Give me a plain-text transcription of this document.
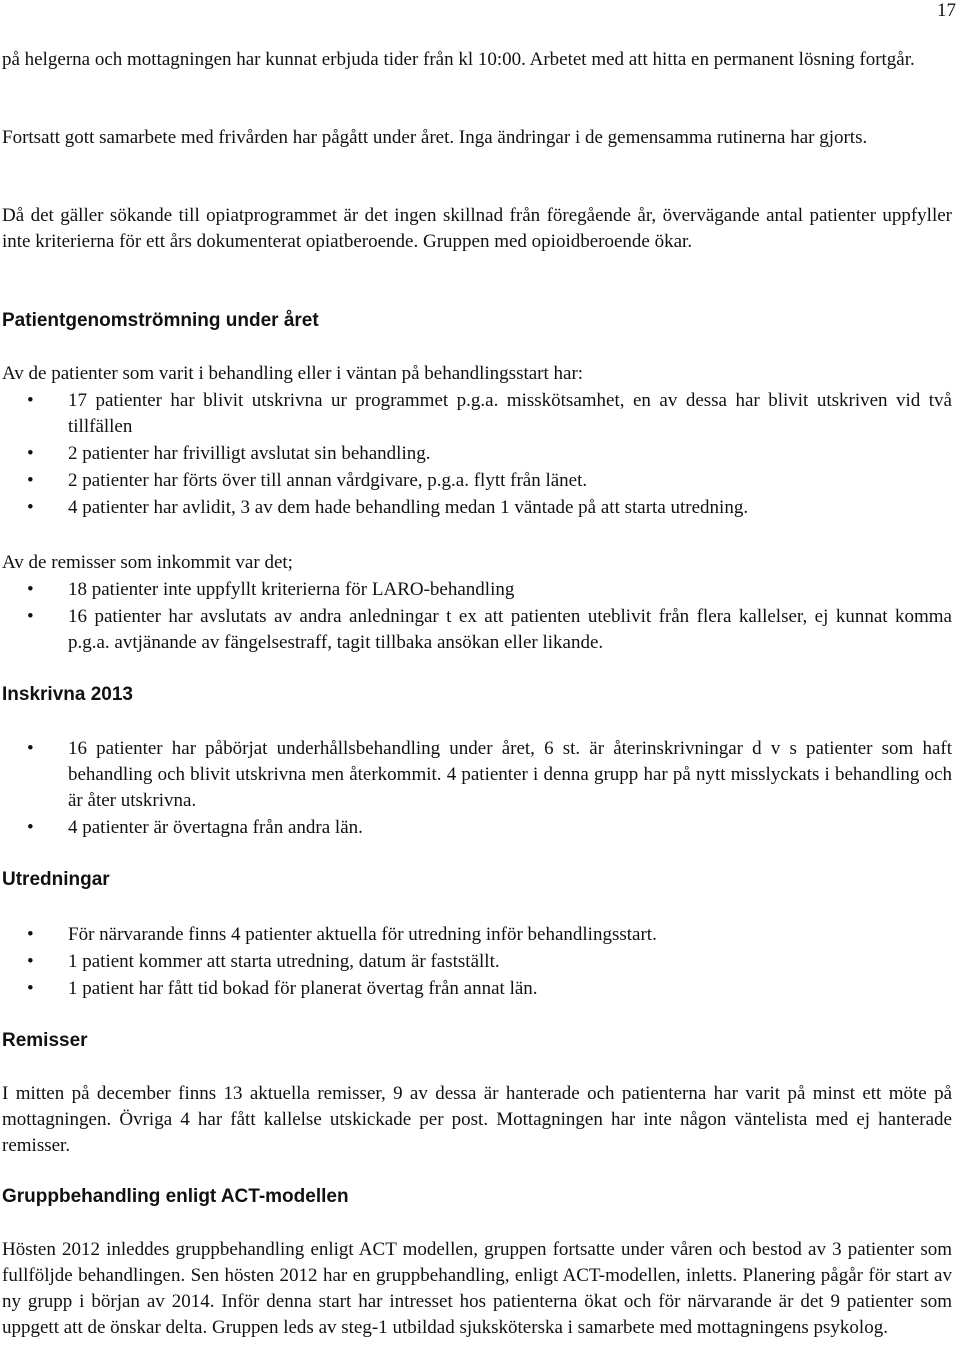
17

på helgerna och mottagningen har kunnat erbjuda tider från kl 10:00. Arbetet med att hitta en permanent lösning fortgår.

Fortsatt gott samarbete med frivården har pågått under året. Inga ändringar i de gemensamma rutinerna har gjorts.

Då det gäller sökande till opiatprogrammet är det ingen skillnad från föregående år, övervägande antal patienter uppfyller inte kriterierna för ett års dokumenterat opiatberoende. Gruppen med opioidberoende ökar.

Patientgenomströmning under året

Av de patienter som varit i behandling eller i väntan på behandlingsstart har:

• 17 patienter har blivit utskrivna ur programmet p.g.a. misskötsamhet, en av dessa har blivit utskriven vid två tillfällen
• 2 patienter har frivilligt avslutat sin behandling.
• 2 patienter har förts över till annan vårdgivare, p.g.a. flytt från länet.
• 4 patienter har avlidit, 3 av dem hade behandling medan 1 väntade på att starta utredning.

Av de remisser som inkommit var det;

• 18 patienter inte uppfyllt kriterierna för LARO-behandling
• 16 patienter har avslutats av andra anledningar t ex att patienten uteblivit från flera kallelser, ej kunnat komma p.g.a. avtjänande av fängelsestraff, tagit tillbaka ansökan eller likande.
Inskrivna 2013
• 16 patienter har påbörjat underhållsbehandling under året, 6 st. är återinskrivningar d v s patienter som haft behandling och blivit utskrivna men återkommit. 4 patienter i denna grupp har på nytt misslyckats i behandling och är åter utskrivna.
• 4 patienter är övertagna från andra län.
Utredningar
• För närvarande finns 4 patienter aktuella för utredning inför behandlingsstart.
• 1 patient kommer att starta utredning, datum är fastställt.
• 1 patient har fått tid bokad för planerat övertag från annat län.
Remisser

I mitten på december finns 13 aktuella remisser, 9 av dessa är hanterade och patienterna har varit på minst ett möte på mottagningen. Övriga 4 har fått kallelse utskickade per post. Mottagningen har inte någon väntelista med ej hanterade remisser.

Gruppbehandling enligt ACT-modellen

Hösten 2012 inleddes gruppbehandling enligt ACT modellen, gruppen fortsatte under våren och bestod av 3 patienter som fullföljde behandlingen. Sen hösten 2012 har en gruppbehandling, enligt ACT-modellen, inletts. Planering pågår för start av ny grupp i början av 2014. Inför denna start har intresset hos patienterna ökat och för närvarande är det 9 patienter som uppgett att de önskar delta. Gruppen leds av steg-1 utbildad sjuksköterska i samarbete med mottagningens psykolog.
